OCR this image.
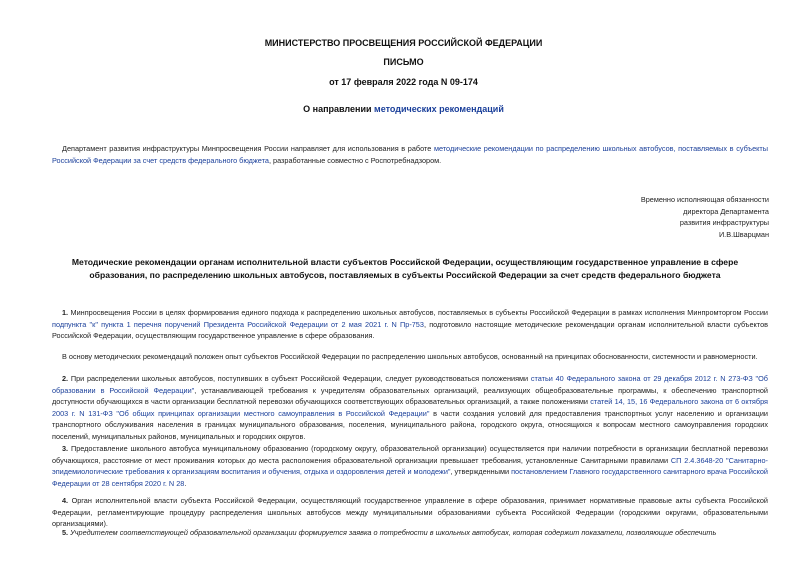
МИНИСТЕРСТВО ПРОСВЕЩЕНИЯ РОССИЙСКОЙ ФЕДЕРАЦИИ
ПИСЬМО
от 17 февраля 2022 года N 09-174
О направлении методических рекомендаций

Департамент развития инфраструктуры Минпросвещения России направляет для использования в работе методические рекомендации по распределению школьных автобусов, поставляемых в субъекты Российской Федерации за счет средств федерального бюджета, разработанные совместно с Роспотребнадзором.

Временно исполняющая обязанности
директора Департамента
развития инфраструктуры
И.В.Шварцман
Методические рекомендации органам исполнительной власти субъектов Российской Федерации, осуществляющим государственное управление в сфере образования, по распределению школьных автобусов, поставляемых в субъекты Российской Федерации за счет средств федерального бюджета

1. Минпросвещения России в целях формирования единого подхода к распределению школьных автобусов, поставляемых в субъекты Российской Федерации в рамках исполнения Минпромторгом России подпункта "к" пункта 1 перечня поручений Президента Российской Федерации от 2 мая 2021 г. N Пр-753, подготовило настоящие методические рекомендации органам исполнительной власти субъектов Российской Федерации, осуществляющим государственное управление в сфере образования.

В основу методических рекомендаций положен опыт субъектов Российской Федерации по распределению школьных автобусов, основанный на принципах обоснованности, системности и равномерности.

2. При распределении школьных автобусов, поступивших в субъект Российской Федерации, следует руководствоваться положениями статьи 40 Федерального закона от 29 декабря 2012 г. N 273-ФЗ "Об образовании в Российской Федерации", устанавливающей требования к учредителям образовательных организаций, реализующих общеобразовательные программы, к обеспечению транспортной доступности обучающихся в части организации бесплатной перевозки обучающихся соответствующих образовательных организаций, а также положениями статей 14, 15, 16 Федерального закона от 6 октября 2003 г. N 131-ФЗ "Об общих принципах организации местного самоуправления в Российской Федерации" в части создания условий для предоставления транспортных услуг населению и организации транспортного обслуживания населения в границах муниципального образования, поселения, муниципального района, городского округа, относящихся к вопросам местного самоуправления городских поселений, муниципальных районов, муниципальных и городских округов.

3. Предоставление школьного автобуса муниципальному образованию (городскому округу, образовательной организации) осуществляется при наличии потребности в организации бесплатной перевозки обучающихся, расстояние от мест проживания которых до места расположения образовательной организации превышает требования, установленные Санитарными правилами СП 2.4.3648-20 "Санитарно-эпидемиологические требования к организациям воспитания и обучения, отдыха и оздоровления детей и молодежи", утвержденными постановлением Главного государственного санитарного врача Российской Федерации от 28 сентября 2020 г. N 28.

4. Орган исполнительной власти субъекта Российской Федерации, осуществляющий государственное управление в сфере образования, принимает нормативные правовые акты субъекта Российской Федерации, регламентирующие процедуру распределения школьных автобусов между муниципальными образованиями субъекта Российской Федерации (городскими округами, образовательными организациями).

5. Учредителем соответствующей образовательной организации формируется заявка о потребности в школьных автобусах, которая содержит показатели, позволяющие обеспечить
